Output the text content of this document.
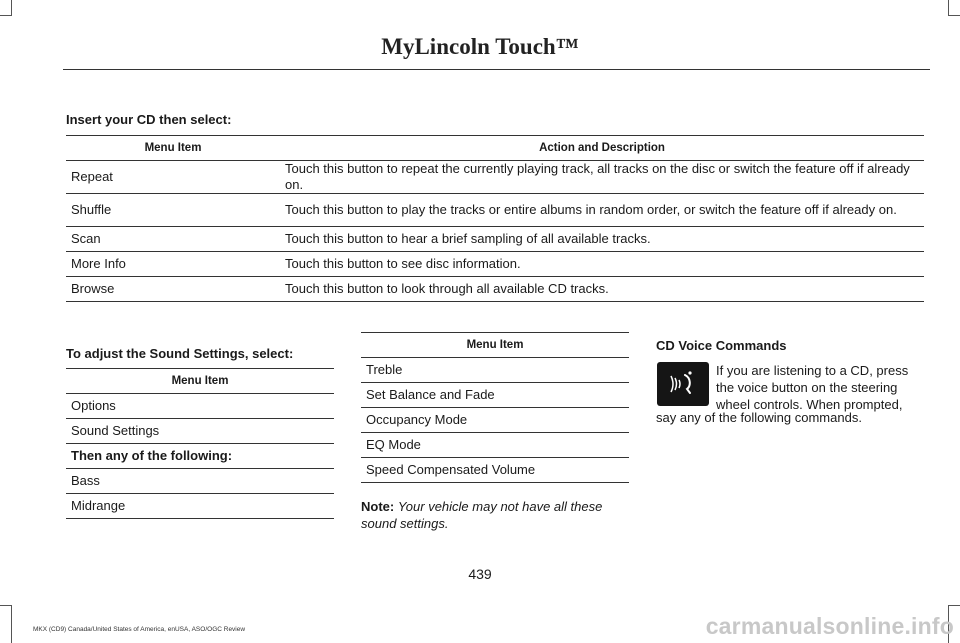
MyLincoln Touch™
Insert your CD then select:
Menu Item	Action and Description
Repeat	Touch this button to repeat the currently playing track, all tracks on the disc or switch the feature off if already on.
Shuffle	Touch this button to play the tracks or entire albums in random order, or switch the feature off if already on.
Scan	Touch this button to hear a brief sampling of all available tracks.
More Info	Touch this button to see disc information.
Browse	Touch this button to look through all available CD tracks.
To adjust the Sound Settings, select:
Menu Item
Options
Sound Settings
Then any of the following:
Bass
Midrange
Menu Item
Treble
Set Balance and Fade
Occupancy Mode
EQ Mode
Speed Compensated Volume
Note: Your vehicle may not have all these sound settings.
CD Voice Commands
If you are listening to a CD, press the voice button on the steering wheel controls. When prompted,
say any of the following commands.
439
MKX (CD9) Canada/United States of America, enUSA, ASO/OGC Review	carmanualsonline.info
